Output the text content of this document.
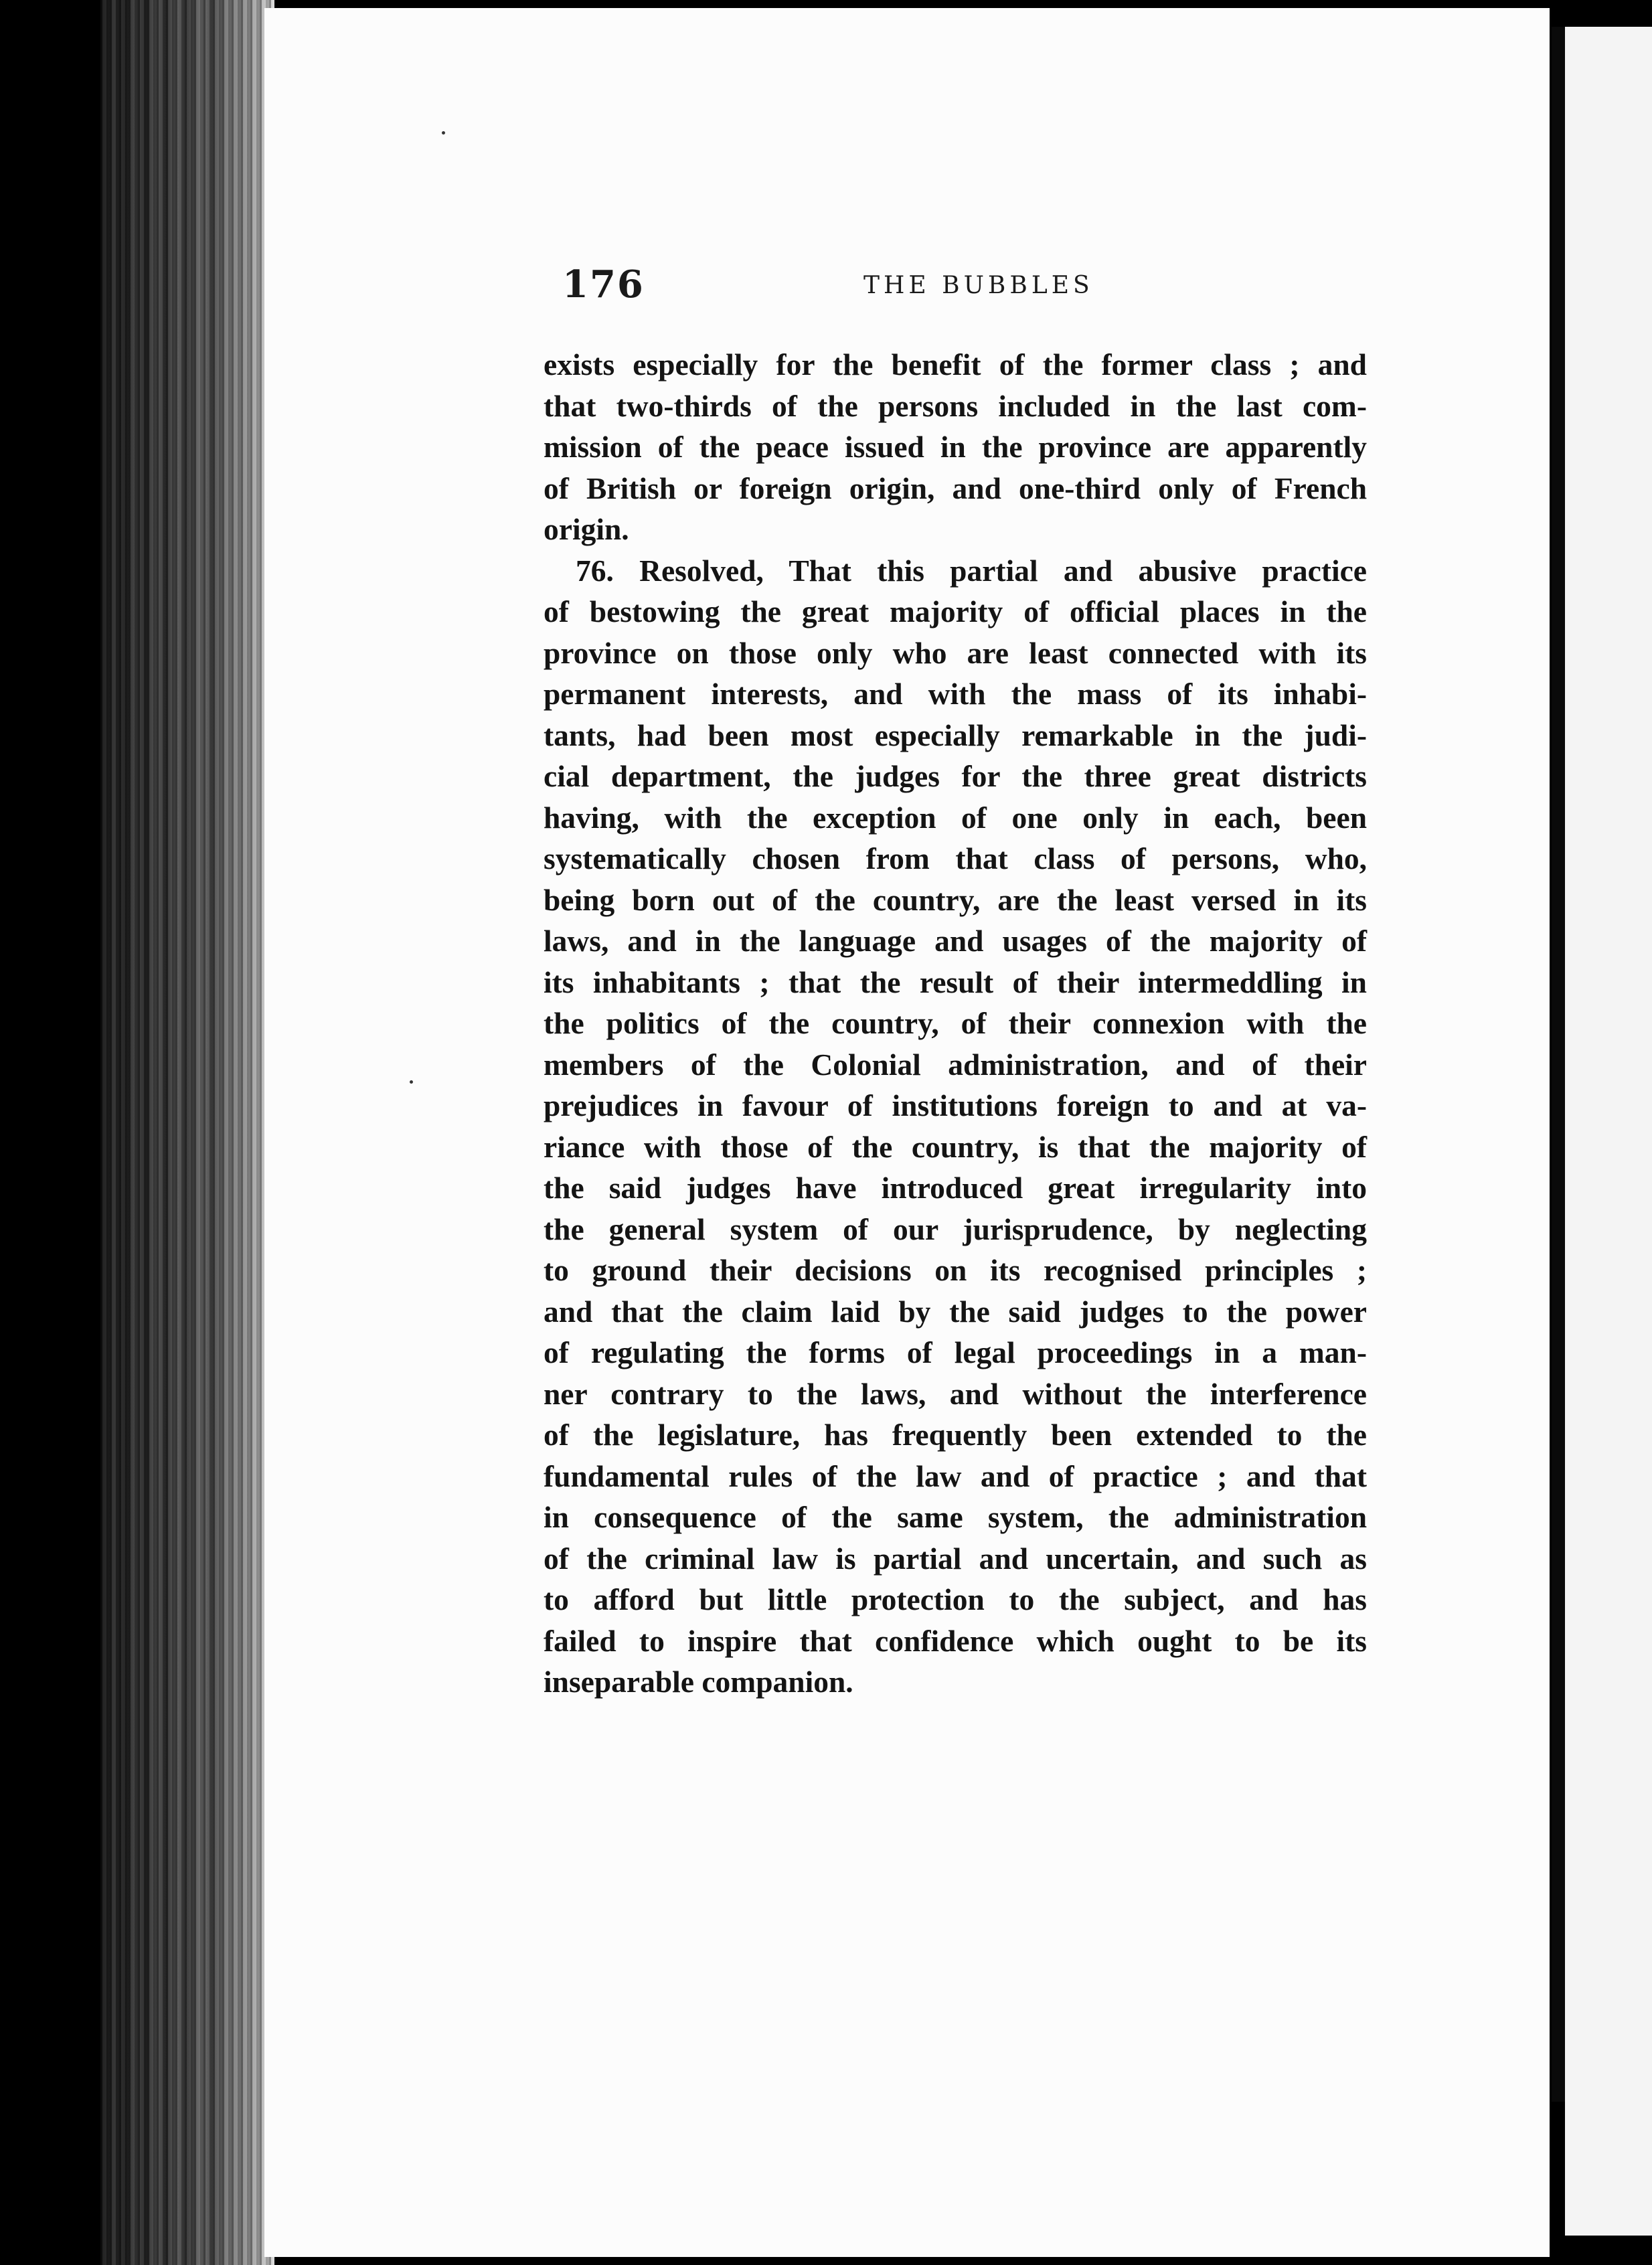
176	THE BUBBLES
exists especially for the benefit of the former class ; and
that two-thirds of the persons included in the last com-
mission of the peace issued in the province are apparently
of British or foreign origin, and one-third only of French
origin.
76. Resolved, That this partial and abusive practice
of bestowing the great majority of official places in the
province on those only who are least connected with its
permanent interests, and with the mass of its inhabi-
tants, had been most especially remarkable in the judi-
cial department, the judges for the three great districts
having, with the exception of one only in each, been
systematically chosen from that class of persons, who,
being born out of the country, are the least versed in its
laws, and in the language and usages of the majority of
its inhabitants ; that the result of their intermeddling in
the politics of the country, of their connexion with the
members of the Colonial administration, and of their
prejudices in favour of institutions foreign to and at va-
riance with those of the country, is that the majority of
the said judges have introduced great irregularity into
the general system of our jurisprudence, by neglecting
to ground their decisions on its recognised principles ;
and that the claim laid by the said judges to the power
of regulating the forms of legal proceedings in a man-
ner contrary to the laws, and without the interference
of the legislature, has frequently been extended to the
fundamental rules of the law and of practice ; and that
in consequence of the same system, the administration
of the criminal law is partial and uncertain, and such as
to afford but little protection to the subject, and has
failed to inspire that confidence which ought to be its
inseparable companion.
